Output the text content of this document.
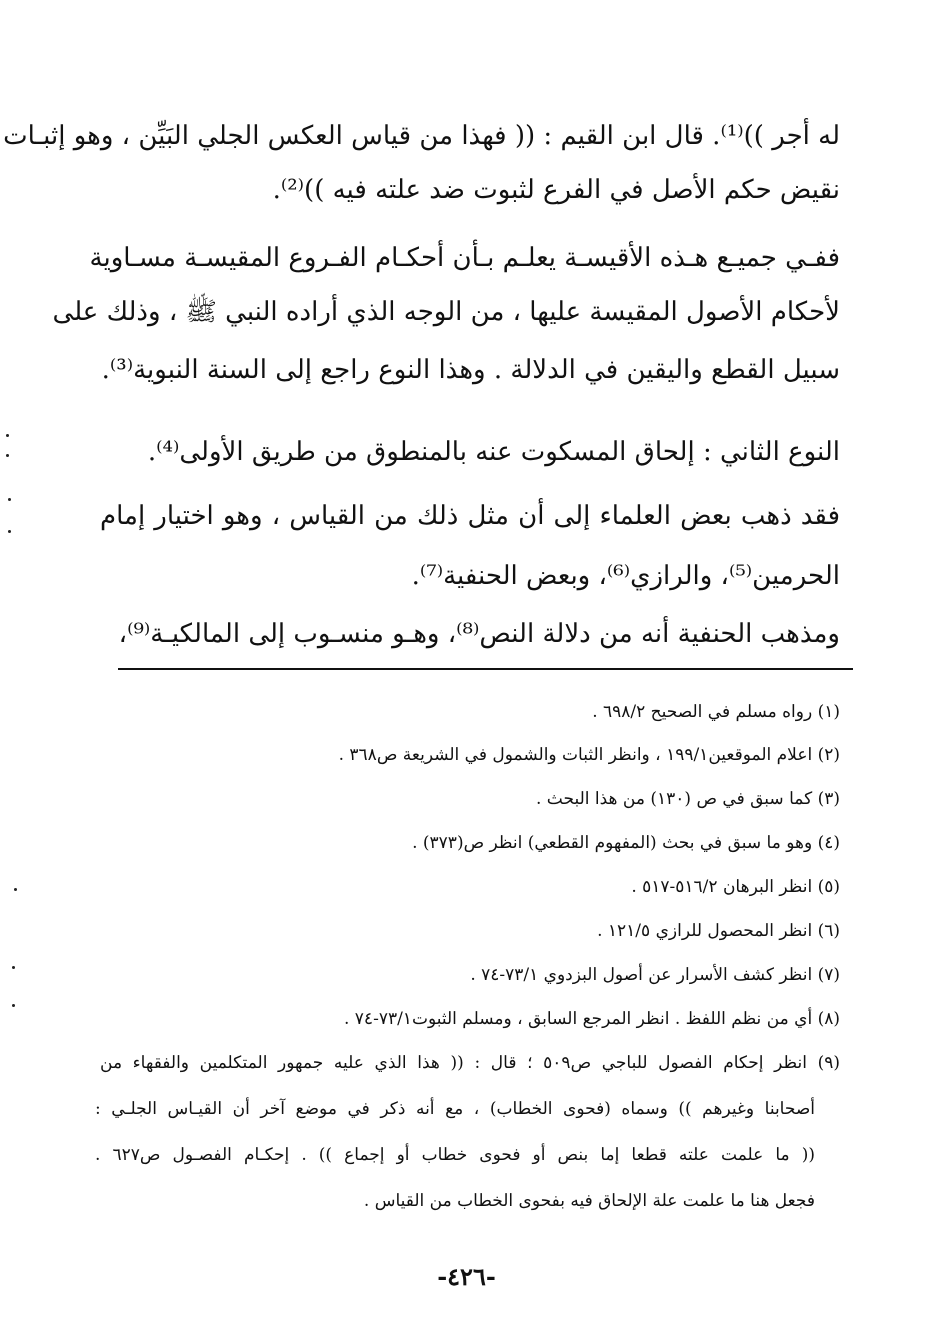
له أجر ))⁽¹⁾. قال ابن القيم : (( فهذا من قياس العكس الجلي البَيِّن ، وهو إثبـات
نقيض حكم الأصل في الفرع لثبوت ضد علته فيه ))⁽²⁾.
ففـي جميـع هـذه الأقيسـة يعلـم بـأن أحكـام الفـروع المقيسـة مسـاوية
لأحكام الأصول المقيسة عليها ، من الوجه الذي أراده النبي ﷺ ، وذلك على
سبيل القطع واليقين في الدلالة . وهذا النوع راجع إلى السنة النبوية⁽³⁾.
النوع الثاني : إلحاق المسكوت عنه بالمنطوق من طريق الأولى⁽⁴⁾.
فقد ذهب بعض العلماء إلى أن مثل ذلك من القياس ، وهو اختيار إمام
الحرمين⁽⁵⁾، والرازي⁽⁶⁾، وبعض الحنفية⁽⁷⁾.
ومذهب الحنفية أنه من دلالة النص⁽⁸⁾، وهـو منسـوب إلى المالكيـة⁽⁹⁾،
(١) رواه مسلم في الصحيح ٦٩٨/٢ .
(٢) اعلام الموقعين١٩٩/١ ، وانظر الثبات والشمول في الشريعة ص٣٦٨ .
(٣) كما سبق في ص (١٣٠) من هذا البحث .
(٤) وهو ما سبق في بحث (المفهوم القطعي) انظر ص(٣٧٣) .
(٥) انظر البرهان ٥١٦/٢-٥١٧ .
(٦) انظر المحصول للرازي ١٢١/٥ .
(٧) انظر كشف الأسرار عن أصول البزدوي ٧٣/١-٧٤ .
(٨) أي من نظم اللفظ . انظر المرجع السابق ، ومسلم الثبوت٧٣/١-٧٤ .
(٩) انظر إحكام الفصول للباجي ص٥٠٩ ؛ قال : (( هذا الذي عليه جمهور المتكلمين والفقهاء من
أصحابنا وغيرهم )) وسماه (فحوى الخطاب) ، مع أنه ذكر في موضع آخر أن القيـاس الجلـي :
(( ما علمت علته قطعا إما بنص أو فحوى خطاب أو إجماع )) . إحكـام الفصـول ص٦٢٧ .
فجعل هنا ما علمت علة الإلحاق فيه بفحوى الخطاب من القياس .
-٤٢٦-
